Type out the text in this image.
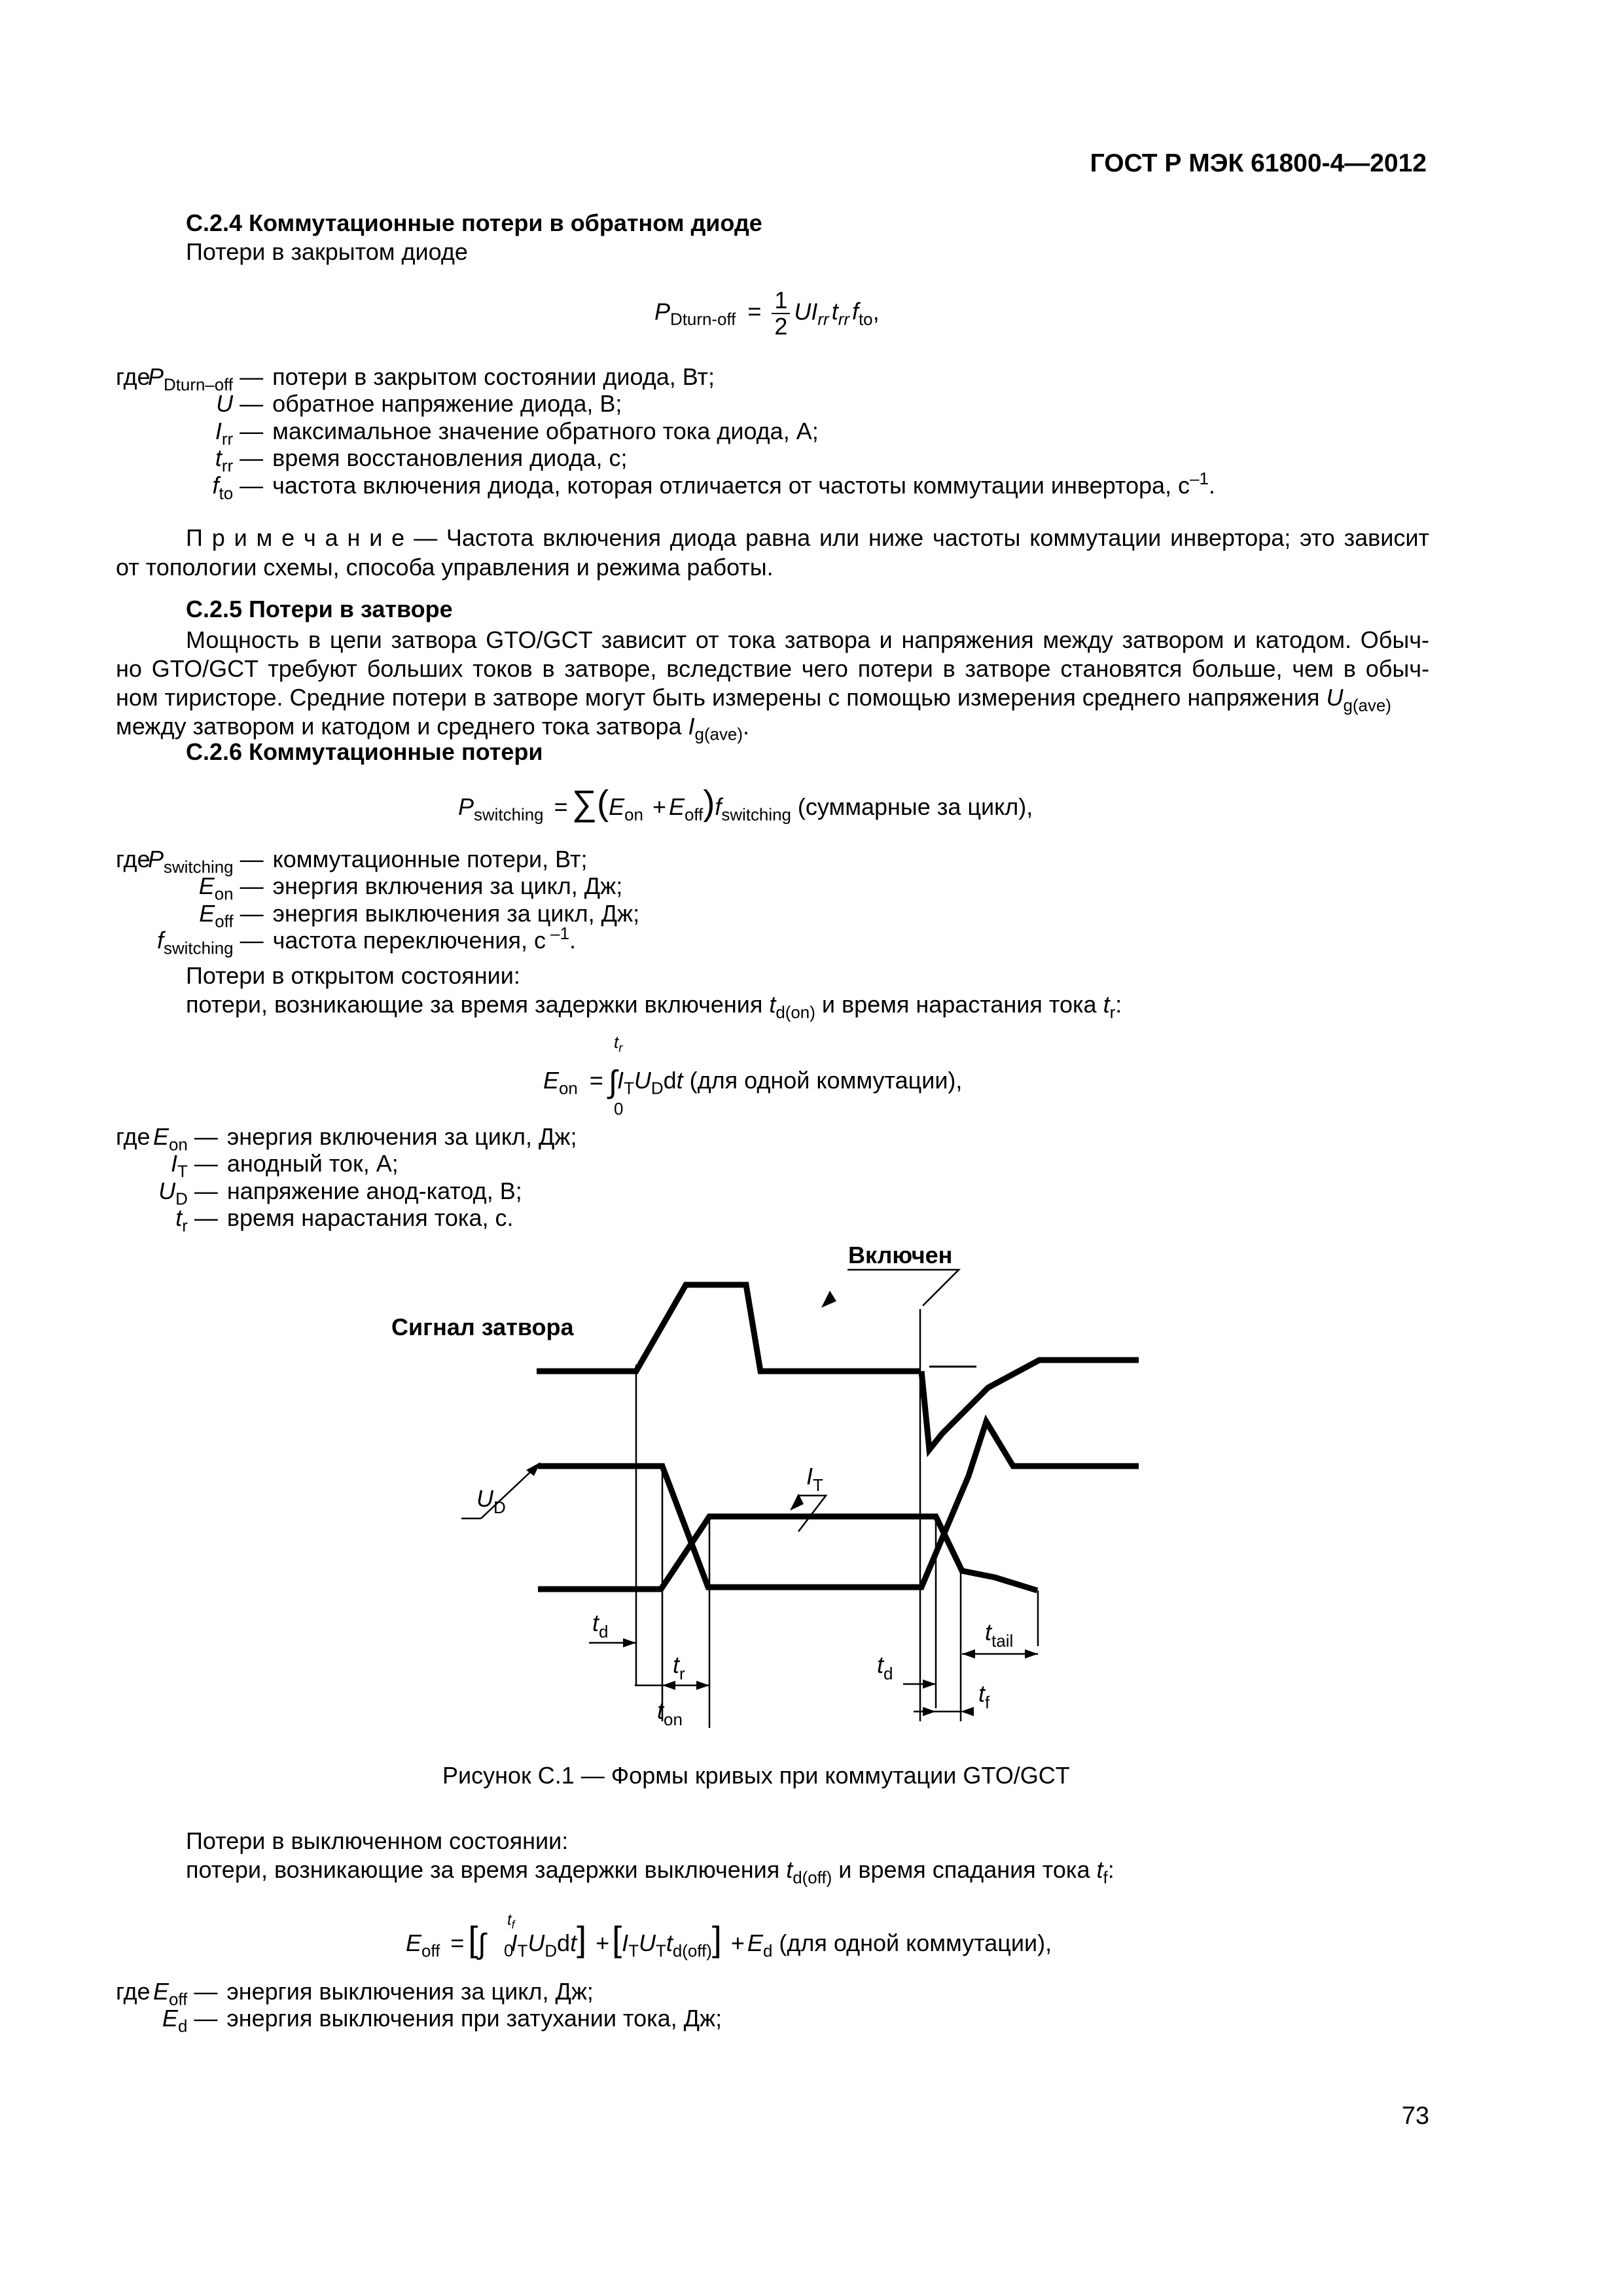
ГОСТ Р МЭК 61800-4—2012
С.2.4 Коммутационные потери в обратном диоде
Потери в закрытом диоде
$P_{Dturn-off} = \frac{1}{2} UI_{rr}$ $t_{rr}$ $f_{to}$,
где
$P_{Dturn-off}$	—	потери в закрытом состоянии диода, Вт;
U	—	обратное напряжение диода, В;
$I_{rr}$	—	максимальное значение обратного тока диода, А;
$t_{rr}$	—	время восстановления диода, с;
$f_{to}$	—	частота включения диода, которая отличается от частоты коммутации инвертора, $с^{-1}$.
П р и м е ч а н и е — Частота включения диода равна или ниже частоты коммутации инвертора; это зависит
от топологии схемы, способа управления и режима работы.
С.2.5 Потери в затворе
Мощность в цепи затвора GTO/GCT зависит от тока затвора и напряжения между затвором и катодом. Обыч-
но GTO/GCT требуют больших токов в затворе, вследствие чего потери в затворе становятся больше, чем в обыч-
ном тиристоре. Средние потери в затворе могут быть измерены с помощью измерения среднего напряжения $U_{g(ave)}$
между затвором и катодом и среднего тока затвора $I_{g(ave)}$.
С.2.6 Коммутационные потери
$P_{switching} = \sum(E_{on} + E_{off})f_{switching}$ (суммарные за цикл),
где
$P_{switching}$	—	коммутационные потери, Вт;
$E_{on}$	—	энергия включения за цикл, Дж;
$E_{off}$	—	энергия выключения за цикл, Дж;
$f_{switching}$	—	частота переключения, с $^{-1}$.
Потери в открытом состоянии:
потери, возникающие за время задержки включения $t_{d(on)}$ и время нарастания тока $t_r$:
$E_{on} = \int I_TU_Ddt$ (для одной коммутации),
$t_r$
0
где $E_{on}$	—	энергия включения за цикл, Дж;
$I_T$	—	анодный ток, А;
$U_D$	—	напряжение анод-катод, В;
$t_r$	—	время нарастания тока, с.
Включен
Сигнал затвора
$U_D$
$I_T$
$t_d$
$t_r$
$t_{on}$
$t_d$
$t_{tail}$
$t_f$
Рисунок С.1 — Формы кривых при коммутации GTO/GCT
Потери в выключенном состоянии:
потери, возникающие за время задержки выключения $t_{d(off)}$ и время спадания тока $t_f$:
$E_{off}$ = [∫ $I_TU_Ddt] +[I_TU_Tt_{d(off)}] + E_d$ (для одной коммутации),
$t_f$
0
где $E_{off}$	—	энергия выключения за цикл, Дж;
$E_d$	—	энергия выключения при затухании тока, Дж;
73
